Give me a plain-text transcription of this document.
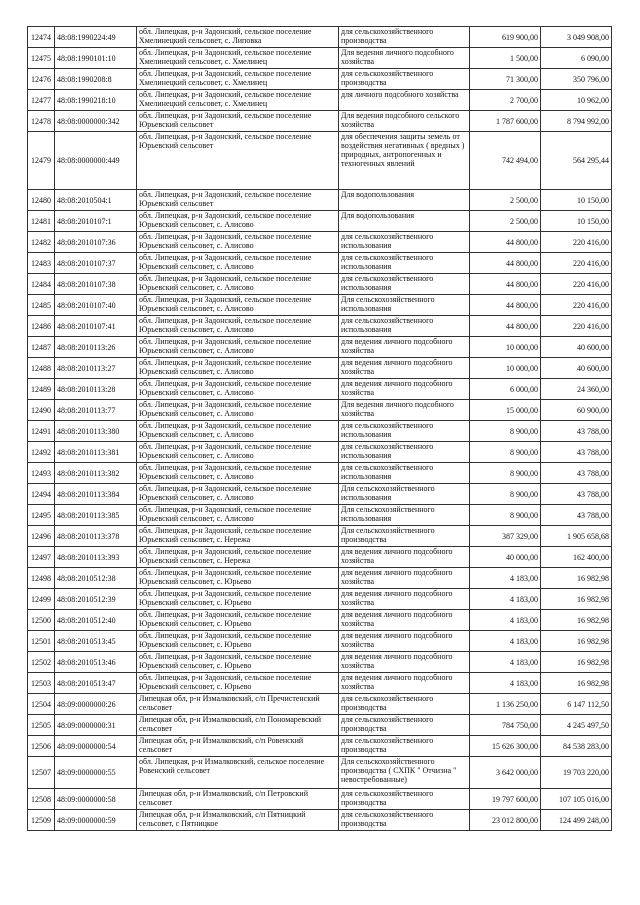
12474	48:08:1990224:49	обл. Липецкая, р-н Задонский, сельское поселение Хмелинецкий сельсовет, с. Липовка	для сельскохозяйственного производства	619 900,00	3 049 908,00
12475	48:08:1990101:10	обл. Липецкая, р-н Задонский, сельское поселение Хмелинецкий сельсовет, с. Хмелинец	Для ведения личного подсобного хозяйства	1 500,00	6 090,00
12476	48:08:1990208:8	обл. Липецкая, р-н Задонский, сельское поселение Хмелинецкий сельсовет, с. Хмелинец	для сельскохозяйственного производства	71 300,00	350 796,00
12477	48:08:1990218:10	обл. Липецкая, р-н Задонский, сельское поселение Хмелинецкий сельсовет, с. Хмелинец	для личного подсобного хозяйства	2 700,00	10 962,00
12478	48:08:0000000:342	обл. Липецкая, р-н Задонский, сельское поселение Юрьевский сельсовет	Для ведения подсобного сельского хозяйства	1 787 600,00	8 794 992,00
12479	48:08:0000000:449	обл. Липецкая, р-н Задонский, сельское поселение Юрьевский сельсовет	для обеспечения защиты земель от воздействия негативных ( вредных ) природных, антропогенных и техногенных явлений	742 494,00	564 295,44
12480	48:08:2010504:1	обл. Липецкая, р-н Задонский, сельское поселение Юрьевский сельсовет	Для водопользования	2 500,00	10 150,00
12481	48:08:2010107:1	обл. Липецкая, р-н Задонский, сельское поселение Юрьевский сельсовет, с. Алисово	Для водопользования	2 500,00	10 150,00
12482	48:08:2010107:36	обл. Липецкая, р-н Задонский, сельское поселение Юрьевский сельсовет, с. Алисово	для сельскохозяйственного использования	44 800,00	220 416,00
12483	48:08:2010107:37	обл. Липецкая, р-н Задонский, сельское поселение Юрьевский сельсовет, с. Алисово	для сельскохозяйственного использования	44 800,00	220 416,00
12484	48:08:2010107:38	обл. Липецкая, р-н Задонский, сельское поселение Юрьевский сельсовет, с. Алисово	для сельскохозяйственного использования	44 800,00	220 416,00
12485	48:08:2010107:40	обл. Липецкая, р-н Задонский, сельское поселение Юрьевский сельсовет, с. Алисово	Для сельскохозяйственного использования	44 800,00	220 416,00
12486	48:08:2010107:41	обл. Липецкая, р-н Задонский, сельское поселение Юрьевский сельсовет, с. Алисово	для сельскохозяйственного использования	44 800,00	220 416,00
12487	48:08:2010113:26	обл. Липецкая, р-н Задонский, сельское поселение Юрьевский сельсовет, с. Алисово	для ведения личного подсобного хозяйства	10 000,00	40 600,00
12488	48:08:2010113:27	обл. Липецкая, р-н Задонский, сельское поселение Юрьевский сельсовет, с. Алисово	для ведения личного подсобного хозяйства	10 000,00	40 600,00
12489	48:08:2010113:28	обл. Липецкая, р-н Задонский, сельское поселение Юрьевский сельсовет, с. Алисово	для ведения личного подсобного хозяйства	6 000,00	24 360,00
12490	48:08:2010113:77	обл. Липецкая, р-н Задонский, сельское поселение Юрьевский сельсовет, с. Алисово	Для ведения личного подсобного хозяйства	15 000,00	60 900,00
12491	48:08:2010113:380	обл. Липецкая, р-н Задонский, сельское поселение Юрьевский сельсовет, с. Алисово	для сельскохозяйственного использования	8 900,00	43 788,00
12492	48:08:2010113:381	обл. Липецкая, р-н Задонский, сельское поселение Юрьевский сельсовет, с. Алисово	для сельскохозяйственного использования	8 900,00	43 788,00
12493	48:08:2010113:382	обл. Липецкая, р-н Задонский, сельское поселение Юрьевский сельсовет, с. Алисово	для сельскохозяйственного использования	8 900,00	43 788,00
12494	48:08:2010113:384	обл. Липецкая, р-н Задонский, сельское поселение Юрьевский сельсовет, с. Алисово	Для сельскохозяйственного использования	8 900,00	43 788,00
12495	48:08:2010113:385	обл. Липецкая, р-н Задонский, сельское поселение Юрьевский сельсовет, с. Алисово	Для сельскохозяйственного использования	8 900,00	43 788,00
12496	48:08:2010113:378	обл. Липецкая, р-н Задонский, сельское поселение Юрьевский сельсовет, с. Нережа	Для сельскохозяйственного производства	387 329,00	1 905 658,68
12497	48:08:2010113:393	обл. Липецкая, р-н Задонский, сельское поселение Юрьевский сельсовет, с. Нережа	для ведения личного подсобного хозяйства	40 000,00	162 400,00
12498	48:08:2010512:38	обл. Липецкая, р-н Задонский, сельское поселение Юрьевский сельсовет, с. Юрьево	для ведения личного подсобного хозяйства	4 183,00	16 982,98
12499	48:08:2010512:39	обл. Липецкая, р-н Задонский, сельское поселение Юрьевский сельсовет, с. Юрьево	для ведения личного подсобного хозяйства	4 183,00	16 982,98
12500	48:08:2010512:40	обл. Липецкая, р-н Задонский, сельское поселение Юрьевский сельсовет, с. Юрьево	для ведения личного подсобного хозяйства	4 183,00	16 982,98
12501	48:08:2010513:45	обл. Липецкая, р-н Задонский, сельское поселение Юрьевский сельсовет, с. Юрьево	для ведения личного подсобного хозяйства	4 183,00	16 982,98
12502	48:08:2010513:46	обл. Липецкая, р-н Задонский, сельское поселение Юрьевский сельсовет, с. Юрьево	для ведения личного подсобного хозяйства	4 183,00	16 982,98
12503	48:08:2010513:47	обл. Липецкая, р-н Задонский, сельское поселение Юрьевский сельсовет, с. Юрьево	для ведения личного подсобного хозяйства	4 183,00	16 982,98
12504	48:09:0000000:26	Липецкая обл, р-н Измалковский, с/п Пречистенский сельсовет	для сельскохозяйственного производства	1 136 250,00	6 147 112,50
12505	48:09:0000000:31	Липецкая обл, р-н Измалковский, с/п Пономаревский сельсовет	для сельскохозяйственного производства	784 750,00	4 245 497,50
12506	48:09:0000000:54	Липецкая обл, р-н Измалковский, с/п Ровенский сельсовет	для сельскохозяйственного производства	15 626 300,00	84 538 283,00
12507	48:09:0000000:55	обл. Липецкая, р-н Измалковский, сельское поселение Ровенский сельсовет	Для сельскохозяйственного производства ( СХПК " Отчизна " невостребованные)	3 642 000,00	19 703 220,00
12508	48:09:0000000:58	Липецкая обл, р-н Измалковский, с/п Петровский сельсовет	для сельскохозяйственного производства	19 797 600,00	107 105 016,00
12509	48:09:0000000:59	Липецкая обл, р-н Измалковский, с/п Пятницкий сельсовет, с Пятницкое	для сельскохозяйственного производства	23 012 800,00	124 499 248,00
